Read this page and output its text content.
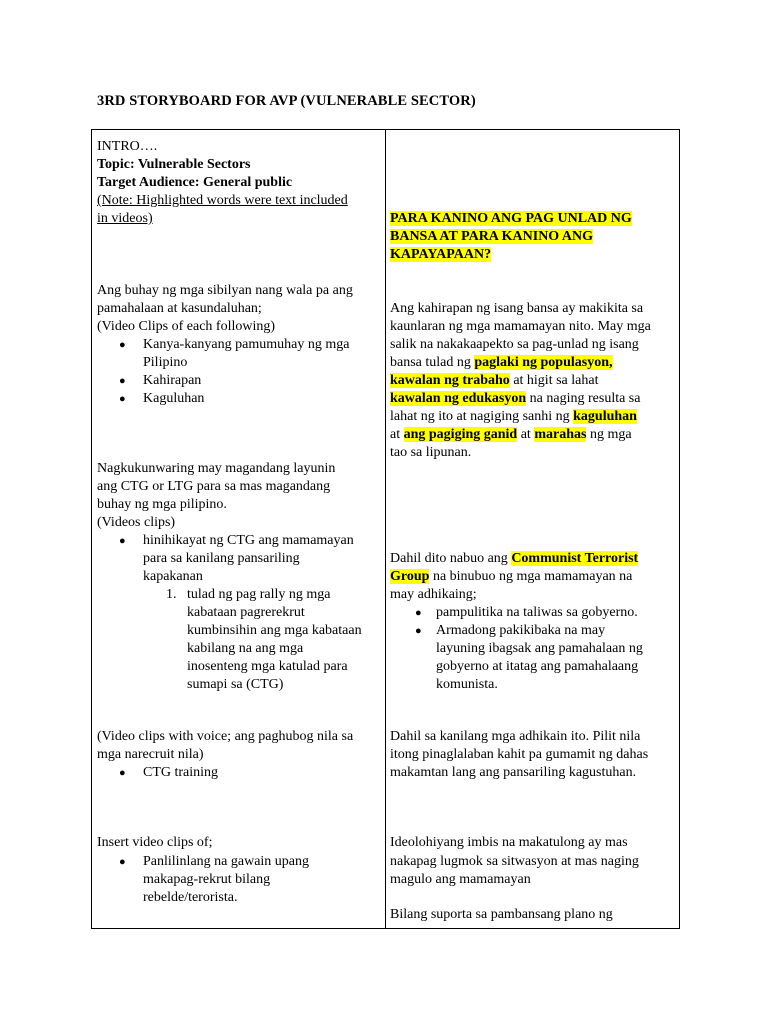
3RD STORYBOARD FOR AVP (VULNERABLE SECTOR)
INTRO….
Topic: Vulnerable Sectors
Target Audience: General public
(Note: Highlighted words were text included
in videos)
Ang buhay ng mga sibilyan nang wala pa ang
pamahalaan at kasundaluhan;
(Video Clips of each following)
● Kanya-kanyang pamumuhay ng mga
Pilipino
● Kahirapan
● Kaguluhan
Nagkukunwaring may magandang layunin
ang CTG or LTG para sa mas magandang
buhay ng mga pilipino.
(Videos clips)
● hinihikayat ng CTG ang mamamayan
para sa kanilang pansariling
kapakanan
1. tulad ng pag rally ng mga
kabataan pagrerekrut
kumbinsihin ang mga kabataan
kabilang na ang mga
inosenteng mga katulad para
sumapi sa (CTG)
(Video clips with voice; ang paghubog nila sa
mga narecruit nila)
● CTG training
Insert video clips of;
● Panlilinlang na gawain upang
makapag-rekrut bilang
rebelde/terorista.
PARA KANINO ANG PAG UNLAD NG
BANSA AT PARA KANINO ANG
KAPAYAPAAN?
Ang kahirapan ng isang bansa ay makikita sa
kaunlaran ng mga mamamayan nito. May mga
salik na nakakaapekto sa pag-unlad ng isang
bansa tulad ng paglaki ng populasyon,
kawalan ng trabaho at higit sa lahat
kawalan ng edukasyon na naging resulta sa
lahat ng ito at nagiging sanhi ng kaguluhan
at ang pagiging ganid at marahas ng mga
tao sa lipunan.
Dahil dito nabuo ang Communist Terrorist
Group na binubuo ng mga mamamayan na
may adhikaing;
● pampulitika na taliwas sa gobyerno.
● Armadong pakikibaka na may
layuning ibagsak ang pamahalaan ng
gobyerno at itatag ang pamahalaang
komunista.
Dahil sa kanilang mga adhikain ito. Pilit nila
itong pinaglalaban kahit pa gumamit ng dahas
makamtan lang ang pansariling kagustuhan.
Ideolohiyang imbis na makatulong ay mas
nakapag lugmok sa sitwasyon at mas naging
magulo ang mamamayan
Bilang suporta sa pambansang plano ng
